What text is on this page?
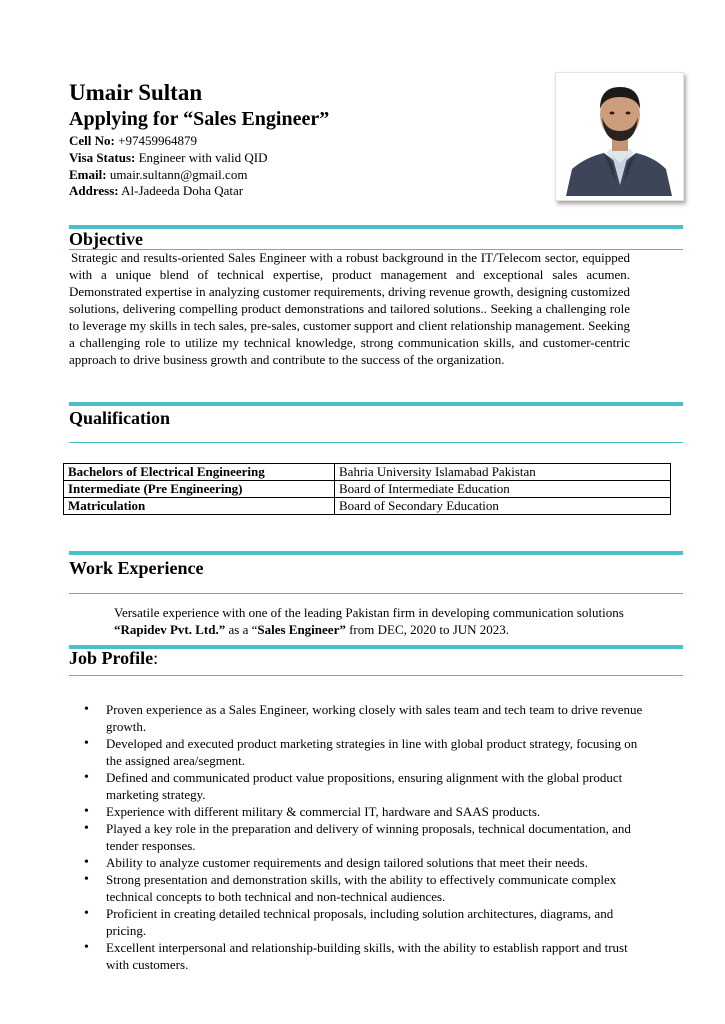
Umair Sultan
Applying for “Sales Engineer”
Cell No: +97459964879
Visa Status: Engineer with valid QID
Email: umair.sultann@gmail.com
Address: Al-Jadeeda Doha Qatar
Objective
Strategic and results-oriented Sales Engineer with a robust background in the IT/Telecom sector, equipped with a unique blend of technical expertise, product management and exceptional sales acumen. Demonstrated expertise in analyzing customer requirements, driving revenue growth, designing customized solutions, delivering compelling product demonstrations and tailored solutions.. Seeking a challenging role to leverage my skills in tech sales, pre-sales, customer support and client relationship management. Seeking a challenging role to utilize my technical knowledge, strong communication skills, and customer-centric approach to drive business growth and contribute to the success of the organization.
Qualification
Bachelors of Electrical Engineering	Bahria University Islamabad Pakistan
Intermediate (Pre Engineering)	Board of Intermediate Education
Matriculation	Board of Secondary Education
Work Experience
Versatile experience with one of the leading Pakistan firm in developing communication solutions “Rapidev Pvt. Ltd.” as a “Sales Engineer” from DEC, 2020 to JUN 2023.
Job Profile:
• Proven experience as a Sales Engineer, working closely with sales team and tech team to drive revenue growth.
• Developed and executed product marketing strategies in line with global product strategy, focusing on the assigned area/segment.
• Defined and communicated product value propositions, ensuring alignment with the global product marketing strategy.
• Experience with different military & commercial IT, hardware and SAAS products.
• Played a key role in the preparation and delivery of winning proposals, technical documentation, and tender responses.
• Ability to analyze customer requirements and design tailored solutions that meet their needs.
• Strong presentation and demonstration skills, with the ability to effectively communicate complex technical concepts to both technical and non-technical audiences.
• Proficient in creating detailed technical proposals, including solution architectures, diagrams, and pricing.
• Excellent interpersonal and relationship-building skills, with the ability to establish rapport and trust with customers.
